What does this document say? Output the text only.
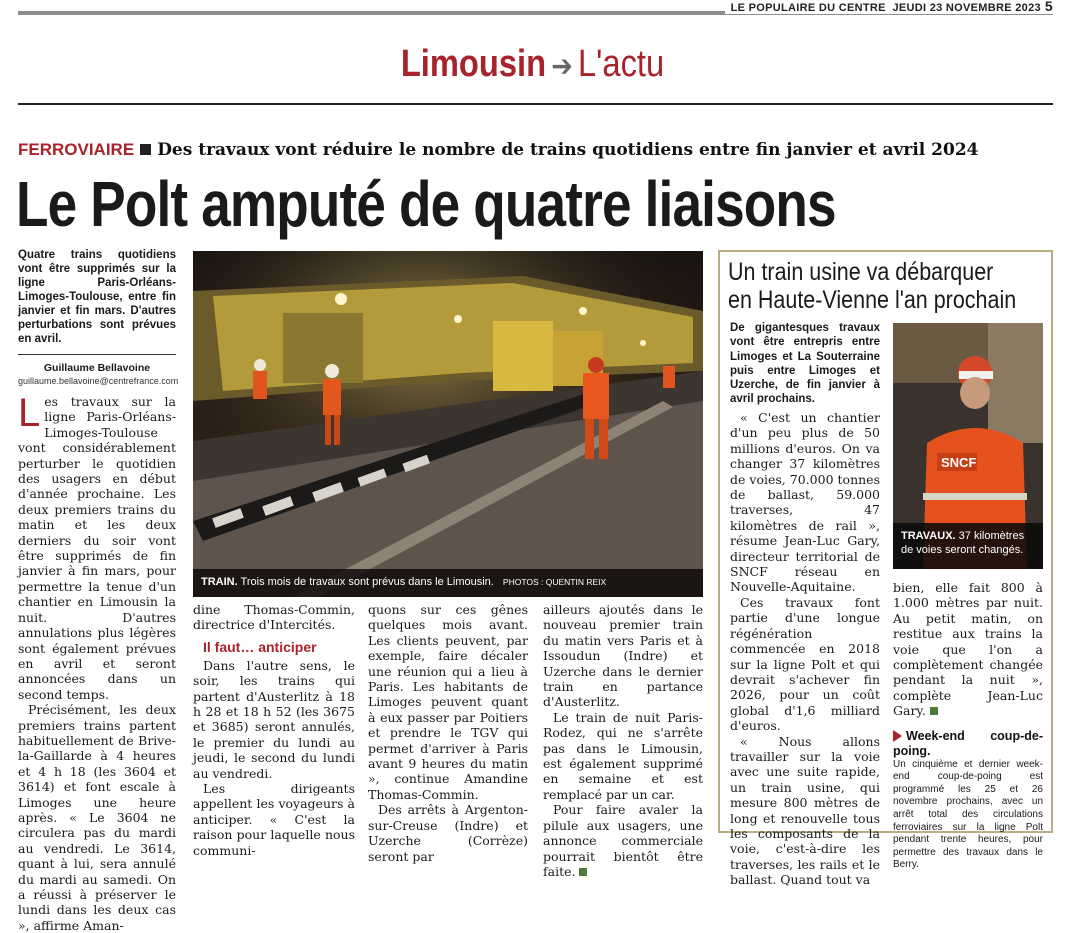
LE POPULAIRE DU CENTRE JEUDI 23 NOVEMBRE 2023 5
Limousin ➔ L'actu
FERROVIAIRE Des travaux vont réduire le nombre de trains quotidiens entre fin janvier et avril 2024
Le Polt amputé de quatre liaisons
Quatre trains quotidiens vont être supprimés sur la ligne Paris-Orléans-Limoges-Toulouse, entre fin janvier et fin mars. D'autres perturbations sont prévues en avril.
Guillaume Bellavoine
guillaume.bellavoine@centrefrance.com
L es travaux sur la ligne Paris-Orléans-Limoges-Toulouse vont considérablement perturber le quotidien des usagers en début d'année prochaine. Les deux premiers trains du matin et les deux derniers du soir vont être supprimés de fin janvier à fin mars, pour permettre la tenue d'un chantier en Limousin la nuit. D'autres annulations plus légères sont également prévues en avril et seront annoncées dans un second temps.

Précisément, les deux premiers trains partent habituellement de Brive-la-Gaillarde à 4 heures et 4 h 18 (les 3604 et 3614) et font escale à Limoges une heure après. « Le 3604 ne circulera pas du mardi au vendredi. Le 3614, quant à lui, sera annulé du mardi au samedi. On a réussi à préserver le lundi dans les deux cas », affirme Aman-

TRAIN. Trois mois de travaux sont prévus dans le Limousin. PHOTOS : QUENTIN REIX

dine Thomas-Commin, directrice d'Intercités.

Il faut… anticiper

Dans l'autre sens, le soir, les trains qui partent d'Austerlitz à 18 h 28 et 18 h 52 (les 3675 et 3685) seront annulés, le premier du lundi au jeudi, le second du lundi au vendredi.

Les dirigeants appellent les voyageurs à anticiper. « C'est la raison pour laquelle nous communi-

quons sur ces gênes quelques mois avant. Les clients peuvent, par exemple, faire décaler une réunion qui a lieu à Paris. Les habitants de Limoges peuvent quant à eux passer par Poitiers et prendre le TGV qui permet d'arriver à Paris avant 9 heures du matin », continue Amandine Thomas-Commin.

Des arrêts à Argenton-sur-Creuse (Indre) et Uzerche (Corrèze) seront par

ailleurs ajoutés dans le nouveau premier train du matin vers Paris et à Issoudun (Indre) et Uzerche dans le dernier train en partance d'Austerlitz.

Le train de nuit Paris-Rodez, qui ne s'arrête pas dans le Limousin, est également supprimé en semaine et est remplacé par un car.

Pour faire avaler la pilule aux usagers, une annonce commerciale pourrait bientôt être faite.

Un train usine va débarquer
en Haute-Vienne l'an prochain
De gigantesques travaux vont être entrepris entre Limoges et La Souterraine puis entre Limoges et Uzerche, de fin janvier à avril prochains.
SNCF
TRAVAUX. 37 kilomètres de voies seront changés.

« C'est un chantier d'un peu plus de 50 millions d'euros. On va changer 37 kilomètres de voies, 70.000 tonnes de ballast, 59.000 traverses, 47 kilomètres de rail », résume Jean-Luc Gary, directeur territorial de SNCF réseau en Nouvelle-Aquitaine.

Ces travaux font partie d'une longue régénération commencée en 2018 sur la ligne Polt et qui devrait s'achever fin 2026, pour un coût global d'1,6 milliard d'euros.

« Nous allons travailler sur la voie avec une suite rapide, un train usine, qui mesure 800 mètres de long et renouvelle tous les composants de la voie, c'est-à-dire les traverses, les rails et le ballast. Quand tout va

bien, elle fait 800 à 1.000 mètres par nuit. Au petit matin, on restitue aux trains la voie que l'on a complètement changée pendant la nuit », complète Jean-Luc Gary.

Week-end coup-de-poing.
Un cinquième et dernier week-end coup-de-poing est programmé les 25 et 26 novembre prochains, avec un arrêt total des circulations ferroviaires sur la ligne Polt pendant trente heures, pour permettre des travaux dans le Berry.
